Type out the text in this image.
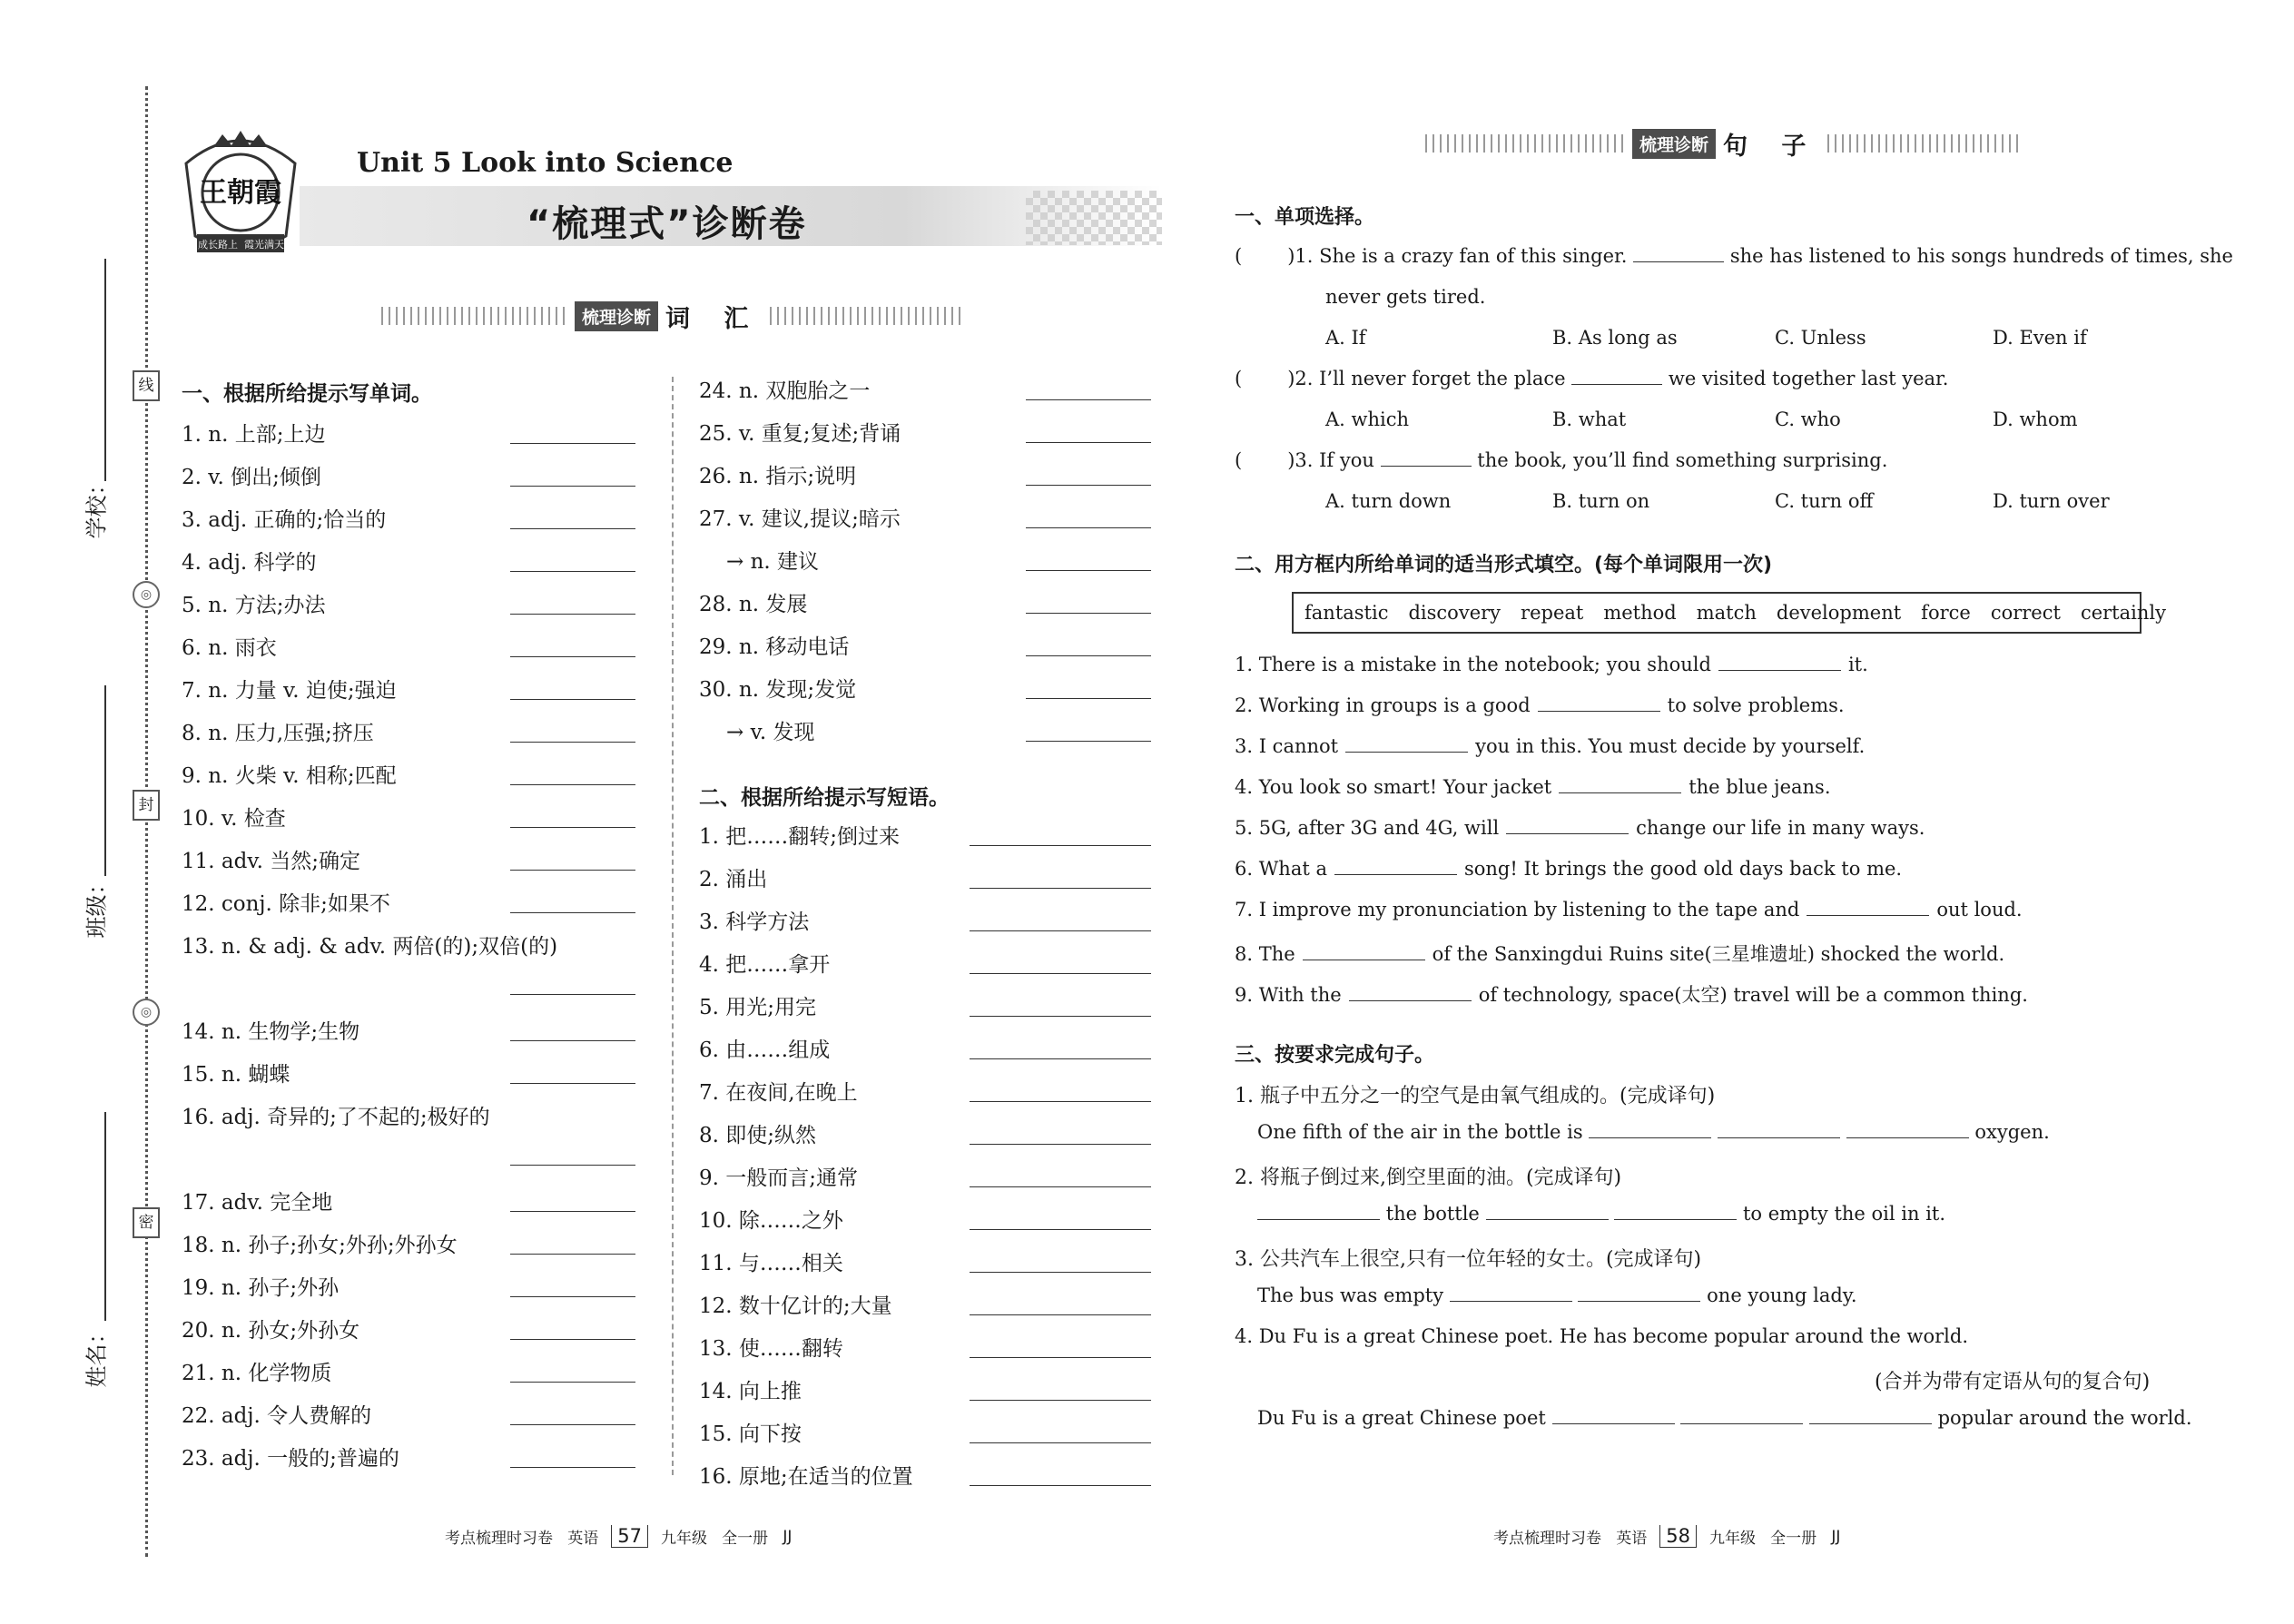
线
◎
封
◎
密
学校：
班级：
姓名：
王朝霞
成长路上 霞光满天
Unit 5 Look into Science
“梳理式”诊断卷
梳理诊断 词 汇
一、根据所给提示写单词。
1. n. 上部;上边
2. v. 倒出;倾倒
3. adj. 正确的;恰当的
4. adj. 科学的
5. n. 方法;办法
6. n. 雨衣
7. n. 力量 v. 迫使;强迫
8. n. 压力,压强;挤压
9. n. 火柴 v. 相称;匹配
10. v. 检查
11. adv. 当然;确定
12. conj. 除非;如果不
13. n. & adj. & adv. 两倍(的);双倍(的)
14. n. 生物学;生物
15. n. 蝴蝶
16. adj. 奇异的;了不起的;极好的
17. adv. 完全地
18. n. 孙子;孙女;外孙;外孙女
19. n. 孙子;外孙
20. n. 孙女;外孙女
21. n. 化学物质
22. adj. 令人费解的
23. adj. 一般的;普遍的
24. n. 双胞胎之一
25. v. 重复;复述;背诵
26. n. 指示;说明
27. v. 建议,提议;暗示
→ n. 建议
28. n. 发展
29. n. 移动电话
30. n. 发现;发觉
→ v. 发现
二、根据所给提示写短语。
1. 把……翻转;倒过来
2. 涌出
3. 科学方法
4. 把……拿开
5. 用光;用完
6. 由……组成
7. 在夜间,在晚上
8. 即使;纵然
9. 一般而言;通常
10. 除……之外
11. 与……相关
12. 数十亿计的;大量
13. 使……翻转
14. 向上推
15. 向下按
16. 原地;在适当的位置
考点梳理时习卷
英语	57	九年级
全一册
JJ
梳理诊断 句 子
一、单项选择。
( )1. She is a crazy fan of this singer.	she has listened to his songs hundreds of times, she
never gets tired.
A. If	B. As long as	C. Unless	D. Even if
( )2. I’ll never forget the place	we visited together last year.
A. which	B. what	C. who	D. whom
( )3. If you	the book, you’ll find something surprising.
A. turn down	B. turn on	C. turn off	D. turn over
二、用方框内所给单词的适当形式填空。(每个单词限用一次)
fantastic discovery repeat method match development force correct certainly
1. There is a mistake in the notebook; you should	it.
2. Working in groups is a good	to solve problems.
3. I cannot	you in this. You must decide by yourself.
4. You look so smart! Your jacket	the blue jeans.
5. 5G, after 3G and 4G, will	change our life in many ways.
6. What a	song! It brings the good old days back to me.
7. I improve my pronunciation by listening to the tape and	out loud.
8. The	of the Sanxingdui Ruins site(三星堆遗址) shocked the world.
9. With the	of technology, space(太空) travel will be a common thing.
三、按要求完成句子。
1. 瓶子中五分之一的空气是由氧气组成的。(完成译句)
One fifth of the air in the bottle is	oxygen.
2. 将瓶子倒过来,倒空里面的油。(完成译句)
the bottle	to empty the oil in it.
3. 公共汽车上很空,只有一位年轻的女士。(完成译句)
The bus was empty	one young lady.
4. Du Fu is a great Chinese poet. He has become popular around the world.
(合并为带有定语从句的复合句)
Du Fu is a great Chinese poet	popular around the world.
考点梳理时习卷
英语	58	九年级
全一册
JJ
